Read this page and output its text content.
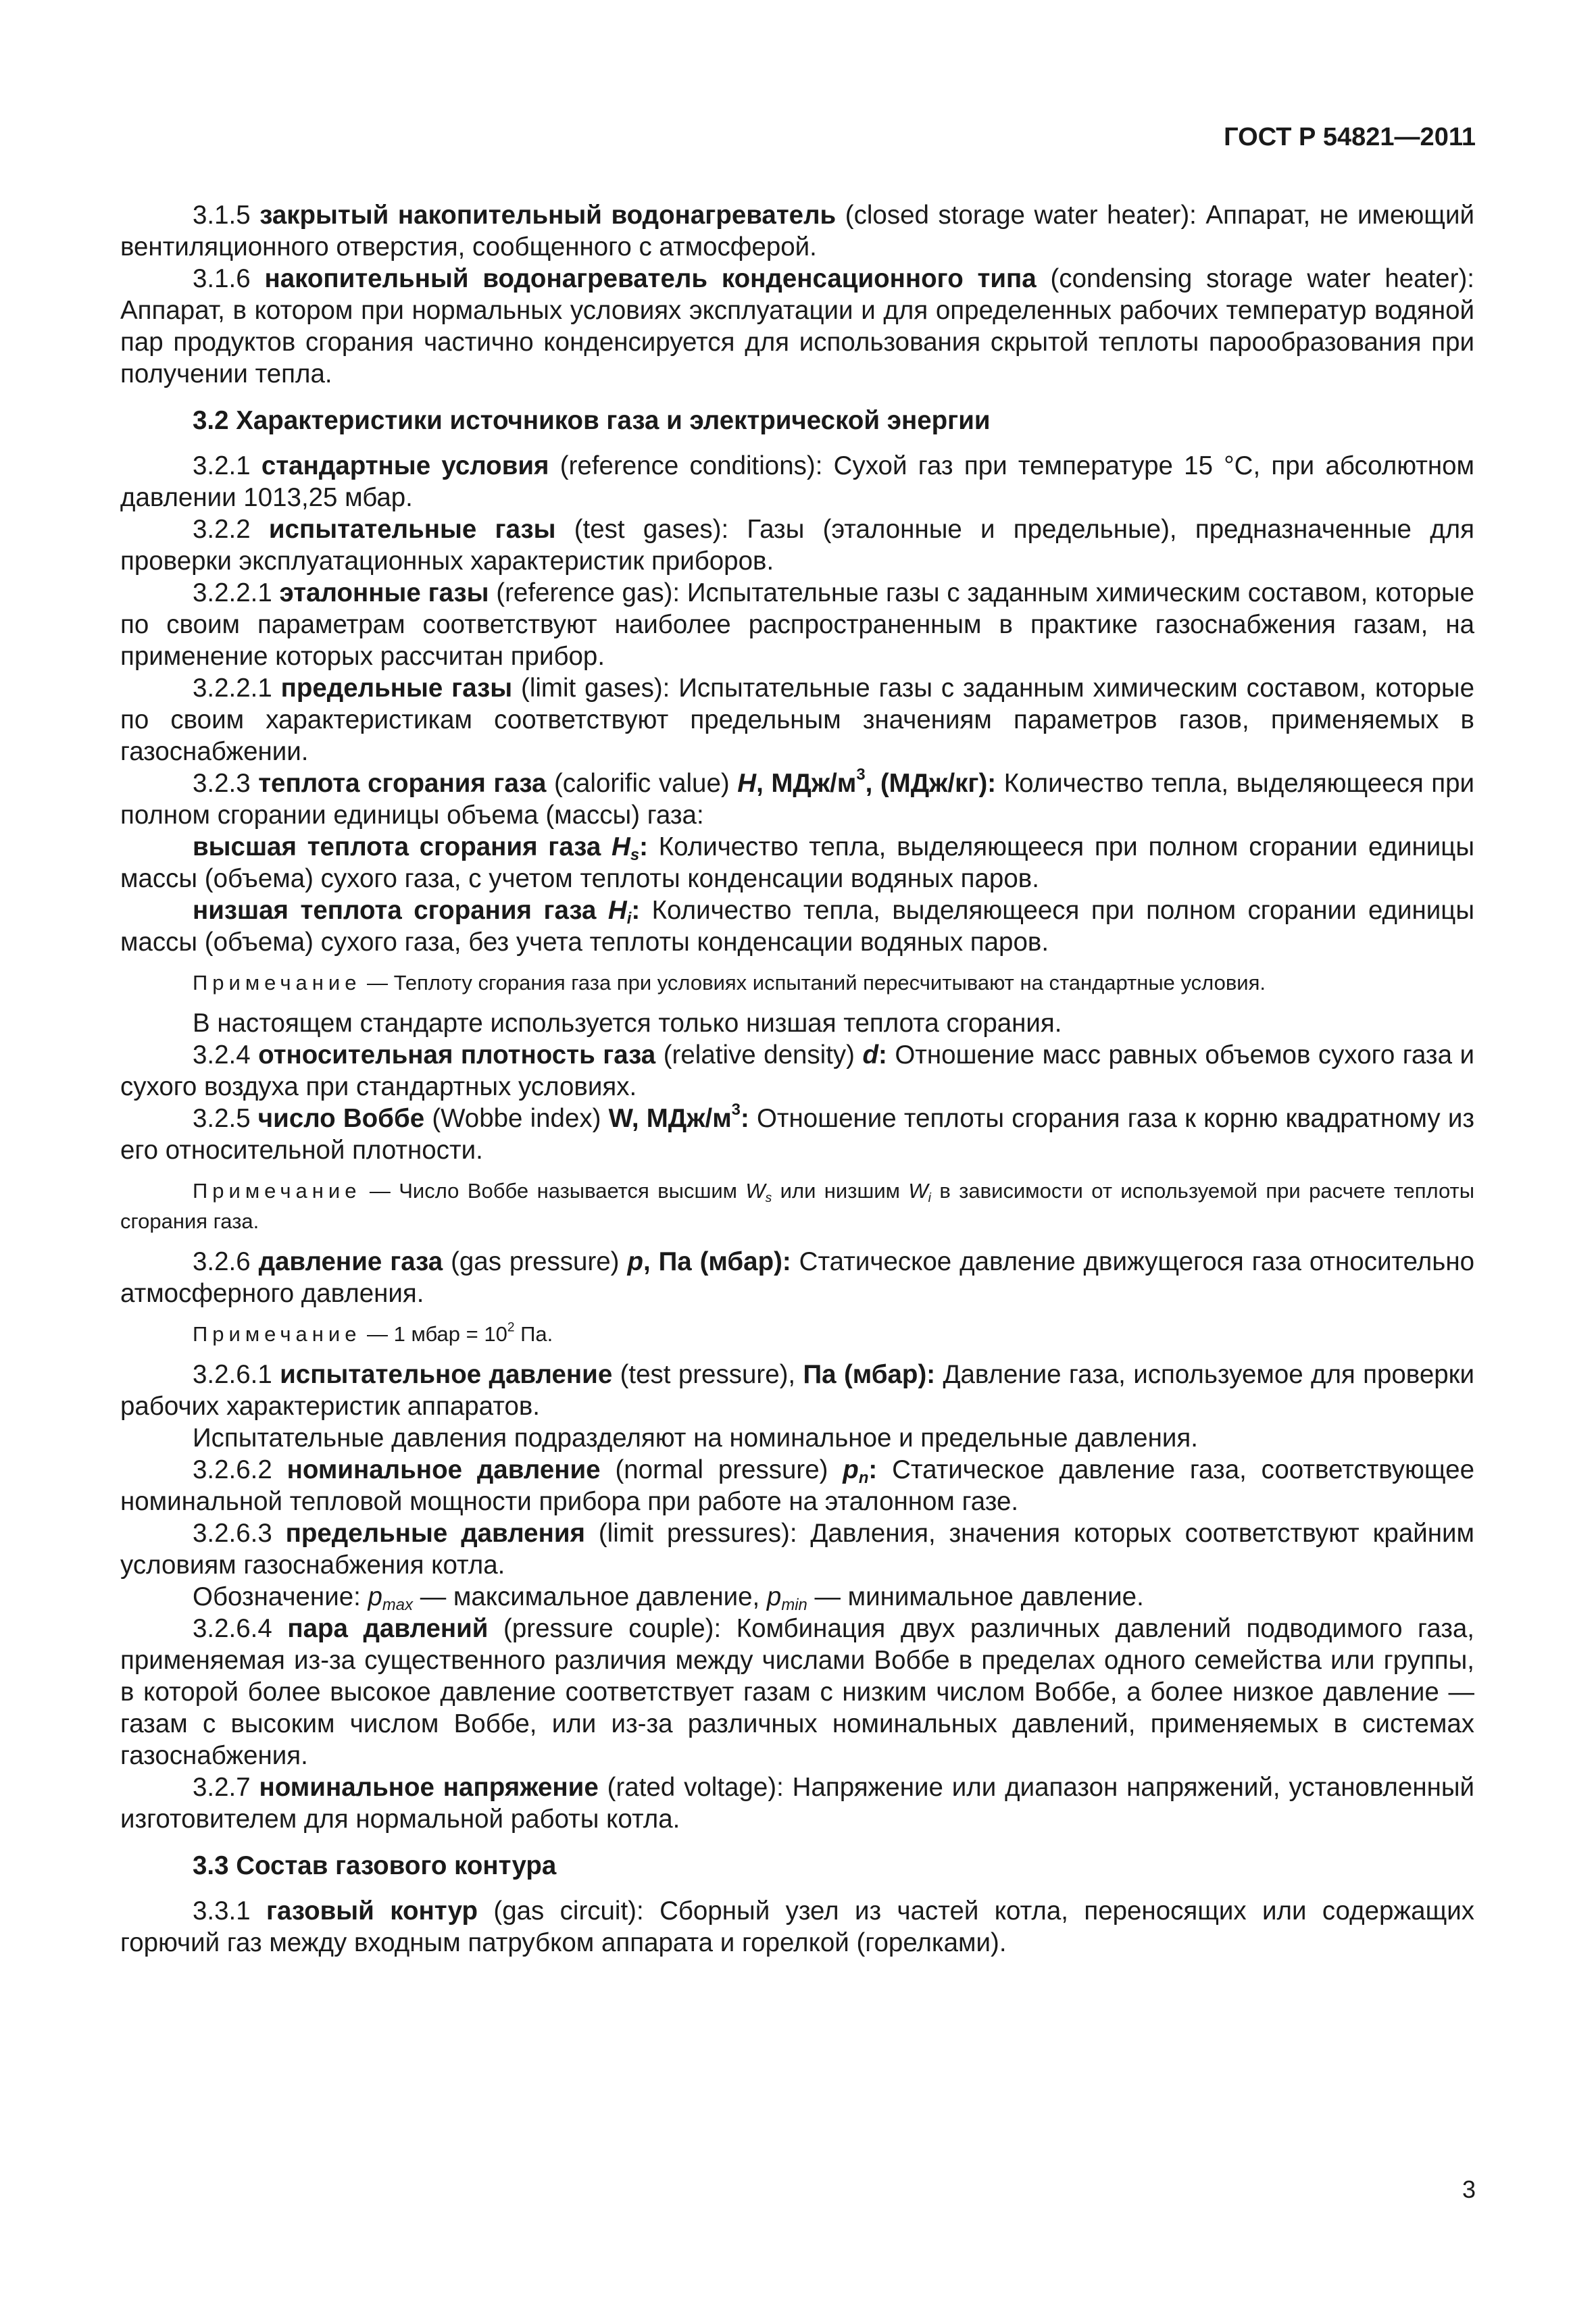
ГОСТ Р 54821—2011

3.1.5 закрытый накопительный водонагреватель (closed storage water heater): Аппарат, не имеющий вентиляционного отверстия, сообщенного с атмосферой.

3.1.6 накопительный водонагреватель конденсационного типа (condensing storage water heater): Аппарат, в котором при нормальных условиях эксплуатации и для определенных рабочих температур водяной пар продуктов сгорания частично конденсируется для использования скрытой теплоты парообразования при получении тепла.

3.2 Характеристики источников газа и электрической энергии

3.2.1 стандартные условия (reference conditions): Сухой газ при температуре 15 °С, при абсолютном давлении 1013,25 мбар.

3.2.2 испытательные газы (test gases): Газы (эталонные и предельные), предназначенные для проверки эксплуатационных характеристик приборов.

3.2.2.1 эталонные газы (reference gas): Испытательные газы с заданным химическим составом, которые по своим параметрам соответствуют наиболее распространенным в практике газоснабжения газам, на применение которых рассчитан прибор.

3.2.2.1 предельные газы (limit gases): Испытательные газы с заданным химическим составом, которые по своим характеристикам соответствуют предельным значениям параметров газов, применяемых в газоснабжении.

3.2.3 теплота сгорания газа (calorific value) H, МДж/$м^3$, (МДж/кг): Количество тепла, выделяющееся при полном сгорании единицы объема (массы) газа:

высшая теплота сгорания газа $H_s$: Количество тепла, выделяющееся при полном сгорании единицы массы (объема) сухого газа, с учетом теплоты конденсации водяных паров.

низшая теплота сгорания газа $H_i$: Количество тепла, выделяющееся при полном сгорании единицы массы (объема) сухого газа, без учета теплоты конденсации водяных паров.

Примечание — Теплоту сгорания газа при условиях испытаний пересчитывают на стандартные условия.

В настоящем стандарте используется только низшая теплота сгорания.

3.2.4 относительная плотность газа (relative density) d: Отношение масс равных объемов сухого газа и сухого воздуха при стандартных условиях.

3.2.5 число Воббе (Wobbe index) W, МДж/$м^3$: Отношение теплоты сгорания газа к корню квадратному из его относительной плотности.

Примечание — Число Воббе называется высшим $W_s$ или низшим $W_i$ в зависимости от используемой при расчете теплоты сгорания газа.

3.2.6 давление газа (gas pressure) p, Па (мбар): Статическое давление движущегося газа относительно атмосферного давления.

Примечание — 1 мбар = $10^2$ Па.

3.2.6.1 испытательное давление (test pressure), Па (мбар): Давление газа, используемое для проверки рабочих характеристик аппаратов.

Испытательные давления подразделяют на номинальное и предельные давления.

3.2.6.2 номинальное давление (normal pressure) $p_n$: Статическое давление газа, соответствующее номинальной тепловой мощности прибора при работе на эталонном газе.

3.2.6.3 предельные давления (limit pressures): Давления, значения которых соответствуют крайним условиям газоснабжения котла.

Обозначение: $p_{max}$ — максимальное давление, $p_{min}$ — минимальное давление.

3.2.6.4 пара давлений (pressure couple): Комбинация двух различных давлений подводимого газа, применяемая из-за существенного различия между числами Воббе в пределах одного семейства или группы, в которой более высокое давление соответствует газам с низким числом Воббе, а более низкое давление — газам с высоким числом Воббе, или из-за различных номинальных давлений, применяемых в системах газоснабжения.

3.2.7 номинальное напряжение (rated voltage): Напряжение или диапазон напряжений, установленный изготовителем для нормальной работы котла.

3.3 Состав газового контура

3.3.1 газовый контур (gas circuit): Сборный узел из частей котла, переносящих или содержащих горючий газ между входным патрубком аппарата и горелкой (горелками).

3
